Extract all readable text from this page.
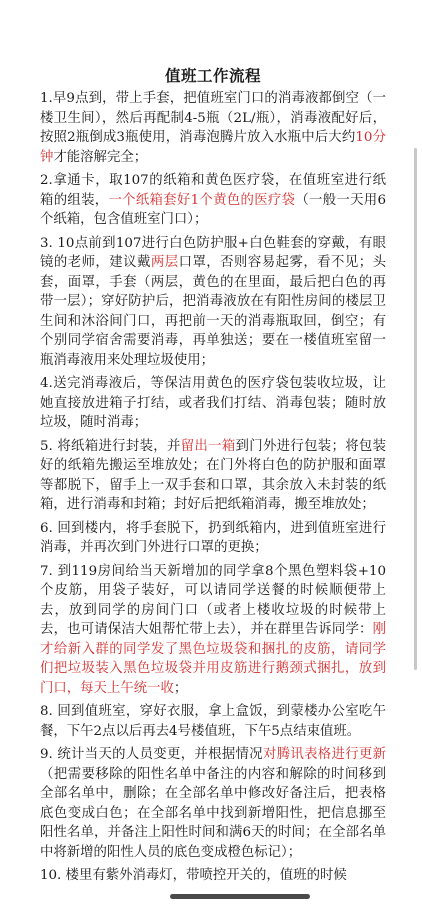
值班工作流程
1.早9点到，带上手套，把值班室门口的消毒液都倒空（一楼卫生间），然后再配制4-5瓶（2L/瓶），消毒液配好后，按照2瓶倒成3瓶使用，消毒泡腾片放入水瓶中后大约10分钟才能溶解完全；
2.拿通卡，取107的纸箱和黄色医疗袋，在值班室进行纸箱的组装，一个纸箱套好1个黄色的医疗袋（一般一天用6个纸箱，包含值班室门口）；
3. 10点前到107进行白色防护服+白色鞋套的穿戴，有眼镜的老师，建议戴两层口罩，否则容易起雾，看不见；头套，面罩，手套（两层，黄色的在里面，最后把白色的再带一层）；穿好防护后，把消毒液放在有阳性房间的楼层卫生间和沐浴间门口，再把前一天的消毒瓶取回，倒空；有个别同学宿舍需要消毒，再单独送；要在一楼值班室留一瓶消毒液用来处理垃圾使用；
4.送完消毒液后，等保洁用黄色的医疗袋包装收垃圾，让她直接放进箱子打结，或者我们打结、消毒包装；随时放垃圾，随时消毒；
5. 将纸箱进行封装，并留出一箱到门外进行包装；将包装好的纸箱先搬运至堆放处；在门外将白色的防护服和面罩等都脱下，留手上一双手套和口罩，其余放入未封装的纸箱，进行消毒和封箱；封好后把纸箱消毒，搬至堆放处；
6. 回到楼内，将手套脱下，扔到纸箱内，进到值班室进行消毒，并再次到门外进行口罩的更换；
7. 到119房间给当天新增加的同学拿8个黑色塑料袋+10个皮筋，用袋子装好，可以请同学送餐的时候顺便带上去，放到同学的房间门口（或者上楼收垃圾的时候带上去，也可请保洁大姐帮忙带上去），并在群里告诉同学：刚才给新入群的同学发了黑色垃圾袋和捆扎的皮筋，请同学们把垃圾装入黑色垃圾袋并用皮筋进行鹅颈式捆扎，放到门口，每天上午统一收；
8. 回到值班室，穿好衣服，拿上盒饭，到蒙楼办公室吃午餐，下午2点以后再去4号楼值班，下午5点结束值班。
9. 统计当天的人员变更，并根据情况对腾讯表格进行更新（把需要移除的阳性名单中备注的内容和解除的时间移到全部名单中，删除；在全部名单中修改好备注后，把表格底色变成白色；在全部名单中找到新增阳性，把信息挪至阳性名单，并备注上阳性时间和满6天的时间；在全部名单中将新增的阳性人员的底色变成橙色标记）；
10. 楼里有紫外消毒灯，带喷控开关的，值班的时候
